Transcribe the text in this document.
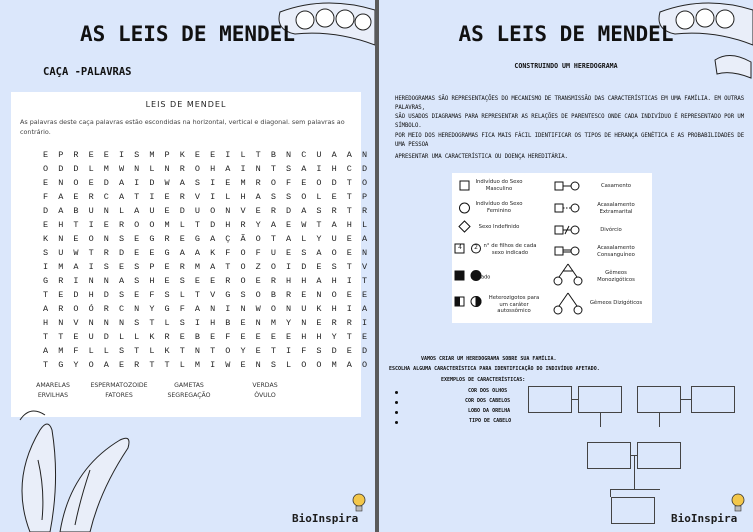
AS LEIS DE MENDEL
CAÇA -PALAVRAS
LEIS DE MENDEL
As palavras deste caça palavras estão escondidas na horizontal, vertical e diagonal. sem palavras ao contrário.
E	P	R	E	E	I	S	M	P	K	E	E	I	L	T	B	N	C	U	A	A	N
O	D	D	L	M	W	N	L	N	R	O	H	A	I	N	T	S	A	I	H	C	D
E	N	O	E	D	A	I	D	W	A	S	I	E	M	R	O	F	E	O	D	T	O
F	A	E	R	C	A	T	I	E	R	V	I	L	H	A	S	S	O	L	E	T	P
D	A	B	U	N	L	A	U	E	D	U	O	N	V	E	R	D	A	S	R	T	R
E	H	T	I	E	R	O	O	M	L	T	D	H	R	Y	A	E	W	T	A	H	L
K	N	E	O	N	S	E	G	R	E	G	A	Ç	Ã	O	T	A	L	Y	U	E	A
S	U	W	T	R	D	E	E	G	A	A	K	F	O	F	U	E	S	A	O	E	N
I	M	A	I	S	E	S	P	E	R	M	A	T	O	Z	O	I	D	E	S	T	V
G	R	I	N	N	A	S	H	E	S	E	E	R	O	E	R	H	H	A	H	I	T
T	E	D	H	D	S	E	F	S	L	T	V	G	S	O	B	R	E	N	O	E	E
A	R	O	Ó	R	C	N	Y	G	F	A	N	I	N	W	O	N	U	K	H	I	A
H	N	V	N	N	N	S	T	L	S	I	H	B	E	N	M	Y	N	E	R	R	I
T	T	E	U	D	L	L	K	R	E	B	E	F	E	E	E	E	H	H	Y	T	E
A	M	F	L	L	S	T	L	K	T	N	T	O	Y	E	T	I	F	S	D	E	D
T	G	Y	O	A	E	R	T	T	L	M	I	W	E	N	S	L	O	O	M	A	O
AMARELAS	ESPERMATOZOIDE	GAMETAS	VERDAS
ERVILHAS	FATORES	SEGREGAÇÃO	ÓVULO
BioInspira
AS LEIS DE MENDEL
CONSTRUINDO UM HEREDOGRAMA
HEREDOGRAMAS SÃO REPRESENTAÇÕES DO MECANISMO DE TRANSMISSÃO DAS CARACTERÍSTICAS EM UMA FAMÍLIA. EM OUTRAS PALAVRAS,
SÃO USADOS DIAGRAMAS PARA REPRESENTAR AS RELAÇÕES DE PARENTESCO ONDE CADA INDIVÍDUO É REPRESENTADO POR UM SÍMBOLO.
POR MEIO DOS HEREDOGRAMAS FICA MAIS FÁCIL IDENTIFICAR OS TIPOS DE HERANÇA GENÉTICA E AS PROBABILIDADES DE UMA PESSOA
APRESENTAR UMA CARACTERÍSTICA OU DOENÇA HEREDITÁRIA.
Afetado
Indivíduo do Sexo Masculino
Indivíduo do Sexo Feminino
Sexo Indefinido
n° de filhos de cada sexo indicado
4	2
Heterozigotos para um caráter autossômico
Casamento
Acasalamento Extramarital
Divórcio
Acasalamento Consanguíneo
Gêmeos Monozigóticos
Gêmeos Dizigóticos
VAMOS CRIAR UM HEREDOGRAMA SOBRE SUA FAMÍLIA.
ESCOLHA ALGUMA CARACTERÍSTICA PARA IDENTIFICAÇÃO DO INDIVÍDUO AFETADO.
EXEMPLOS DE CARACTERÍSTICAS:
COR DOS OLHOS
COR DOS CABELOS
LOBO DA ORELHA
TIPO DE CABELO
BioInspira
